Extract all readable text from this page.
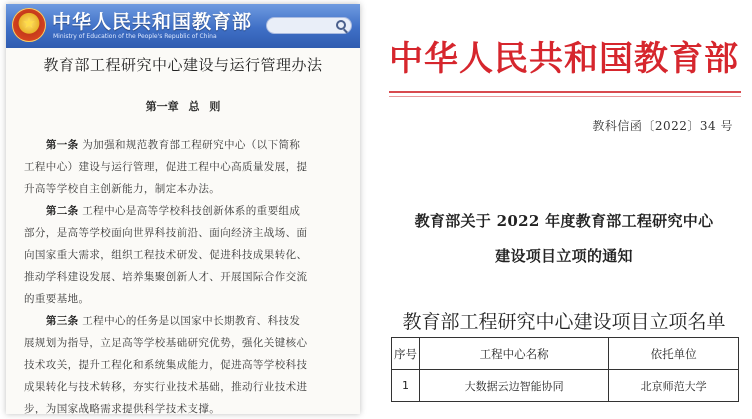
★
中华人民共和国教育部
Ministry of Education of the People's Republic of China
教育部工程研究中心建设与运行管理办法
第一章 总 则
　　第一条 为加强和规范教育部工程研究中心（以下简称
工程中心）建设与运行管理，促进工程中心高质量发展，提
升高等学校自主创新能力，制定本办法。
　　第二条 工程中心是高等学校科技创新体系的重要组成
部分，是高等学校面向世界科技前沿、面向经济主战场、面
向国家重大需求，组织工程技术研发、促进科技成果转化、
推动学科建设发展、培养集聚创新人才、开展国际合作交流
的重要基地。
　　第三条 工程中心的任务是以国家中长期教育、科技发
展规划为指导，立足高等学校基础研究优势，强化关键核心
技术攻关，提升工程化和系统集成能力，促进高等学校科技
成果转化与技术转移，夯实行业技术基础，推动行业技术进
步，为国家战略需求提供科学技术支撑。
中华人民共和国教育部
教科信函〔2022〕34 号
教育部关于 2022 年度教育部工程研究中心
建设项目立项的通知
教育部工程研究中心建设项目立项名单
序号	工程中心名称	依托单位
1	大数据云边智能协同	北京师范大学
